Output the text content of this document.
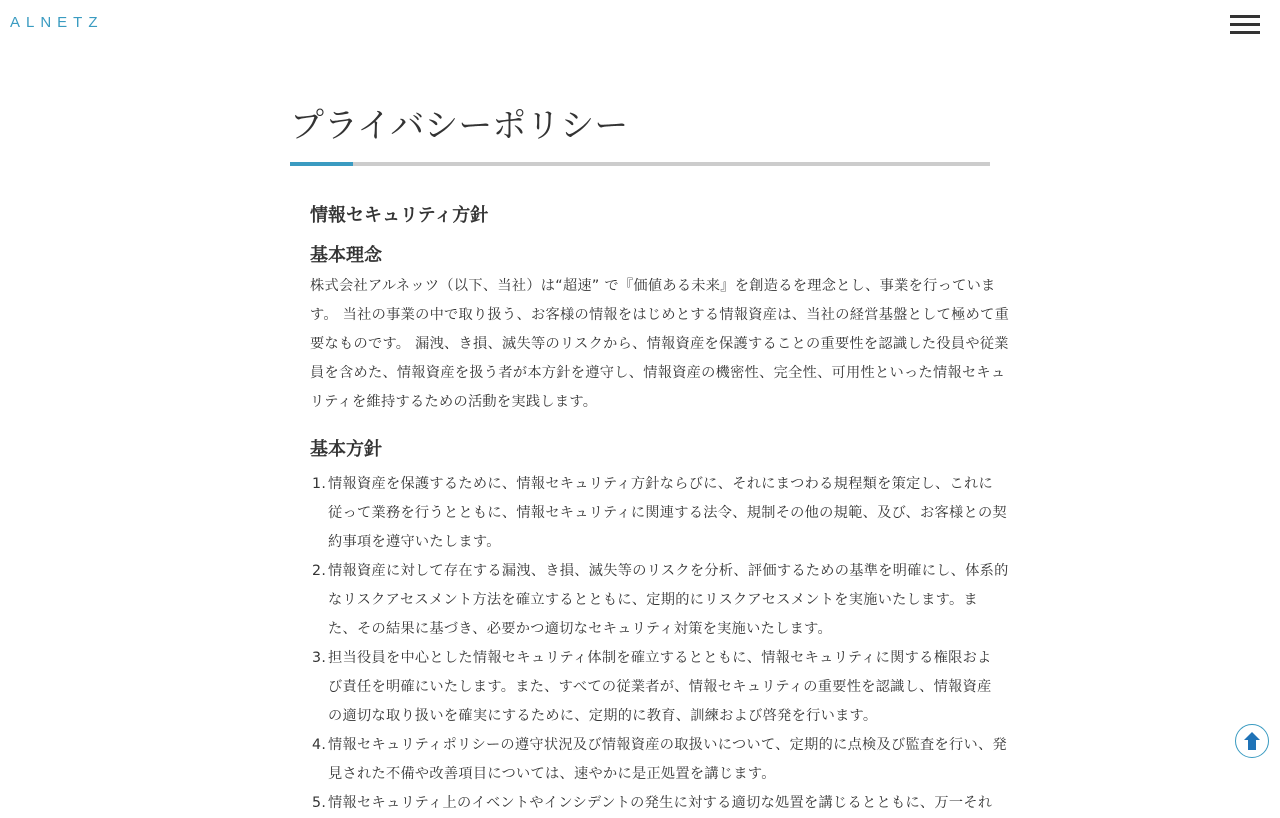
ALNETZ
プライバシーポリシー
情報セキュリティ方針
基本理念

株式会社アルネッツ（以下、当社）は“超速” で『価値ある未来』を創造るを理念とし、事業を行っていま
す。 当社の事業の中で取り扱う、お客様の情報をはじめとする情報資産は、当社の経営基盤として極めて重
要なものです。 漏洩、き損、滅失等のリスクから、情報資産を保護することの重要性を認識した役員や従業
員を含めた、情報資産を扱う者が本方針を遵守し、情報資産の機密性、完全性、可用性といった情報セキュ
リティを維持するための活動を実践します。

基本方針
1. 情報資産を保護するために、情報セキュリティ方針ならびに、それにまつわる規程類を策定し、これに
従って業務を行うとともに、情報セキュリティに関連する法令、規制その他の規範、及び、お客様との契
約事項を遵守いたします。
2. 情報資産に対して存在する漏洩、き損、滅失等のリスクを分析、評価するための基準を明確にし、体系的
なリスクアセスメント方法を確立するとともに、定期的にリスクアセスメントを実施いたします。ま
た、その結果に基づき、必要かつ適切なセキュリティ対策を実施いたします。
3. 担当役員を中心とした情報セキュリティ体制を確立するとともに、情報セキュリティに関する権限およ
び責任を明確にいたします。また、すべての従業者が、情報セキュリティの重要性を認識し、情報資産
の適切な取り扱いを確実にするために、定期的に教育、訓練および啓発を行います。
4. 情報セキュリティポリシーの遵守状況及び情報資産の取扱いについて、定期的に点検及び監査を行い、発
見された不備や改善項目については、速やかに是正処置を講じます。
5. 情報セキュリティ上のイベントやインシデントの発生に対する適切な処置を講じるとともに、万一それ
